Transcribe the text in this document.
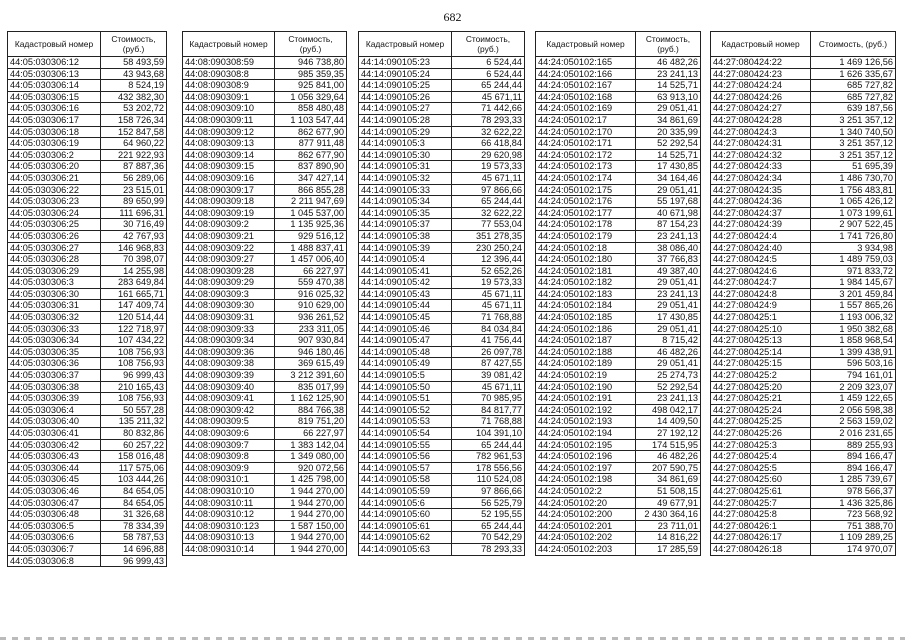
682
Кадастровый номер	Стоимость, (руб.)
44:05:030306:12	58 493,59
44:05:030306:13	43 943,68
44:05:030306:14	8 524,19
44:05:030306:15	432 382,30
44:05:030306:16	53 202,72
44:05:030306:17	158 726,34
44:05:030306:18	152 847,58
44:05:030306:19	64 960,22
44:05:030306:2	221 922,93
44:05:030306:20	87 887,36
44:05:030306:21	56 289,06
44:05:030306:22	23 515,01
44:05:030306:23	89 650,99
44:05:030306:24	111 696,31
44:05:030306:25	30 716,49
44:05:030306:26	42 767,93
44:05:030306:27	146 968,83
44:05:030306:28	70 398,07
44:05:030306:29	14 255,98
44:05:030306:3	283 649,84
44:05:030306:30	161 665,71
44:05:030306:31	147 409,74
44:05:030306:32	120 514,44
44:05:030306:33	122 718,97
44:05:030306:34	107 434,22
44:05:030306:35	108 756,93
44:05:030306:36	108 756,93
44:05:030306:37	96 999,43
44:05:030306:38	210 165,43
44:05:030306:39	108 756,93
44:05:030306:4	50 557,28
44:05:030306:40	135 211,32
44:05:030306:41	80 832,86
44:05:030306:42	60 257,22
44:05:030306:43	158 016,48
44:05:030306:44	117 575,06
44:05:030306:45	103 444,26
44:05:030306:46	84 654,05
44:05:030306:47	84 654,05
44:05:030306:48	31 326,68
44:05:030306:5	78 334,39
44:05:030306:6	58 787,53
44:05:030306:7	14 696,88
44:05:030306:8	96 999,43
Кадастровый номер	Стоимость, (руб.)
44:08:090308:59	946 738,80
44:08:090308:8	985 359,35
44:08:090308:9	925 841,00
44:08:090309:1	1 056 329,64
44:08:090309:10	858 480,48
44:08:090309:11	1 103 547,44
44:08:090309:12	862 677,90
44:08:090309:13	877 911,48
44:08:090309:14	862 677,90
44:08:090309:15	837 890,90
44:08:090309:16	347 427,14
44:08:090309:17	866 855,28
44:08:090309:18	2 211 947,69
44:08:090309:19	1 045 537,00
44:08:090309:2	1 135 925,36
44:08:090309:21	929 516,12
44:08:090309:22	1 488 837,41
44:08:090309:27	1 457 006,40
44:08:090309:28	66 227,97
44:08:090309:29	559 470,38
44:08:090309:3	916 025,32
44:08:090309:30	910 629,00
44:08:090309:31	936 261,52
44:08:090309:33	233 311,05
44:08:090309:34	907 930,84
44:08:090309:36	946 180,46
44:08:090309:38	369 615,49
44:08:090309:39	3 212 391,60
44:08:090309:40	835 017,99
44:08:090309:41	1 162 125,90
44:08:090309:42	884 766,38
44:08:090309:5	819 751,20
44:08:090309:6	66 227,97
44:08:090309:7	1 383 142,04
44:08:090309:8	1 349 080,00
44:08:090309:9	920 072,56
44:08:090310:1	1 425 798,00
44:08:090310:10	1 944 270,00
44:08:090310:11	1 944 270,00
44:08:090310:12	1 944 270,00
44:08:090310:123	1 587 150,00
44:08:090310:13	1 944 270,00
44:08:090310:14	1 944 270,00
Кадастровый номер	Стоимость, (руб.)
44:14:090105:23	6 524,44
44:14:090105:24	6 524,44
44:14:090105:25	65 244,44
44:14:090105:26	45 671,11
44:14:090105:27	71 442,66
44:14:090105:28	78 293,33
44:14:090105:29	32 622,22
44:14:090105:3	66 418,84
44:14:090105:30	29 620,98
44:14:090105:31	19 573,33
44:14:090105:32	45 671,11
44:14:090105:33	97 866,66
44:14:090105:34	65 244,44
44:14:090105:35	32 622,22
44:14:090105:37	77 553,04
44:14:090105:38	351 278,35
44:14:090105:39	230 250,24
44:14:090105:4	12 396,44
44:14:090105:41	52 652,26
44:14:090105:42	19 573,33
44:14:090105:43	45 671,11
44:14:090105:44	45 671,11
44:14:090105:45	71 768,88
44:14:090105:46	84 034,84
44:14:090105:47	41 756,44
44:14:090105:48	26 097,78
44:14:090105:49	87 427,55
44:14:090105:5	39 081,42
44:14:090105:50	45 671,11
44:14:090105:51	70 985,95
44:14:090105:52	84 817,77
44:14:090105:53	71 768,88
44:14:090105:54	104 391,10
44:14:090105:55	65 244,44
44:14:090105:56	782 961,53
44:14:090105:57	178 556,56
44:14:090105:58	110 524,08
44:14:090105:59	97 866,66
44:14:090105:6	56 525,79
44:14:090105:60	52 195,55
44:14:090105:61	65 244,44
44:14:090105:62	70 542,29
44:14:090105:63	78 293,33
Кадастровый номер	Стоимость, (руб.)
44:24:050102:165	46 482,26
44:24:050102:166	23 241,13
44:24:050102:167	14 525,71
44:24:050102:168	63 913,10
44:24:050102:169	29 051,41
44:24:050102:17	34 861,69
44:24:050102:170	20 335,99
44:24:050102:171	52 292,54
44:24:050102:172	14 525,71
44:24:050102:173	17 430,85
44:24:050102:174	34 164,46
44:24:050102:175	29 051,41
44:24:050102:176	55 197,68
44:24:050102:177	40 671,98
44:24:050102:178	87 154,23
44:24:050102:179	23 241,13
44:24:050102:18	38 086,40
44:24:050102:180	37 766,83
44:24:050102:181	49 387,40
44:24:050102:182	29 051,41
44:24:050102:183	23 241,13
44:24:050102:184	29 051,41
44:24:050102:185	17 430,85
44:24:050102:186	29 051,41
44:24:050102:187	8 715,42
44:24:050102:188	46 482,26
44:24:050102:189	29 051,41
44:24:050102:19	25 274,73
44:24:050102:190	52 292,54
44:24:050102:191	23 241,13
44:24:050102:192	498 042,17
44:24:050102:193	14 409,50
44:24:050102:194	27 192,12
44:24:050102:195	174 515,95
44:24:050102:196	46 482,26
44:24:050102:197	207 590,75
44:24:050102:198	34 861,69
44:24:050102:2	51 508,15
44:24:050102:20	49 677,91
44:24:050102:200	2 430 364,16
44:24:050102:201	23 711,01
44:24:050102:202	14 816,22
44:24:050102:203	17 285,59
Кадастровый номер	Стоимость, (руб.)
44:27:080424:22	1 469 126,56
44:27:080424:23	1 626 335,67
44:27:080424:24	685 727,82
44:27:080424:26	685 727,82
44:27:080424:27	639 187,56
44:27:080424:28	3 251 357,12
44:27:080424:3	1 340 740,50
44:27:080424:31	3 251 357,12
44:27:080424:32	3 251 357,12
44:27:080424:33	51 695,39
44:27:080424:34	1 486 730,70
44:27:080424:35	1 756 483,81
44:27:080424:36	1 065 426,12
44:27:080424:37	1 073 199,61
44:27:080424:39	2 907 522,45
44:27:080424:4	1 741 726,80
44:27:080424:40	3 934,98
44:27:080424:5	1 489 759,03
44:27:080424:6	971 833,72
44:27:080424:7	1 984 145,67
44:27:080424:8	3 201 459,84
44:27:080424:9	1 557 865,26
44:27:080425:1	1 193 006,32
44:27:080425:10	1 950 382,68
44:27:080425:13	1 858 968,54
44:27:080425:14	1 399 438,91
44:27:080425:15	596 503,16
44:27:080425:2	794 161,01
44:27:080425:20	2 209 323,07
44:27:080425:21	1 459 122,65
44:27:080425:24	2 056 598,38
44:27:080425:25	2 563 159,02
44:27:080425:26	2 016 231,65
44:27:080425:3	889 255,93
44:27:080425:4	894 166,47
44:27:080425:5	894 166,47
44:27:080425:60	1 285 739,67
44:27:080425:61	978 566,37
44:27:080425:7	1 436 325,86
44:27:080425:8	723 568,92
44:27:080426:1	751 388,70
44:27:080426:17	1 109 289,25
44:27:080426:18	174 970,07
